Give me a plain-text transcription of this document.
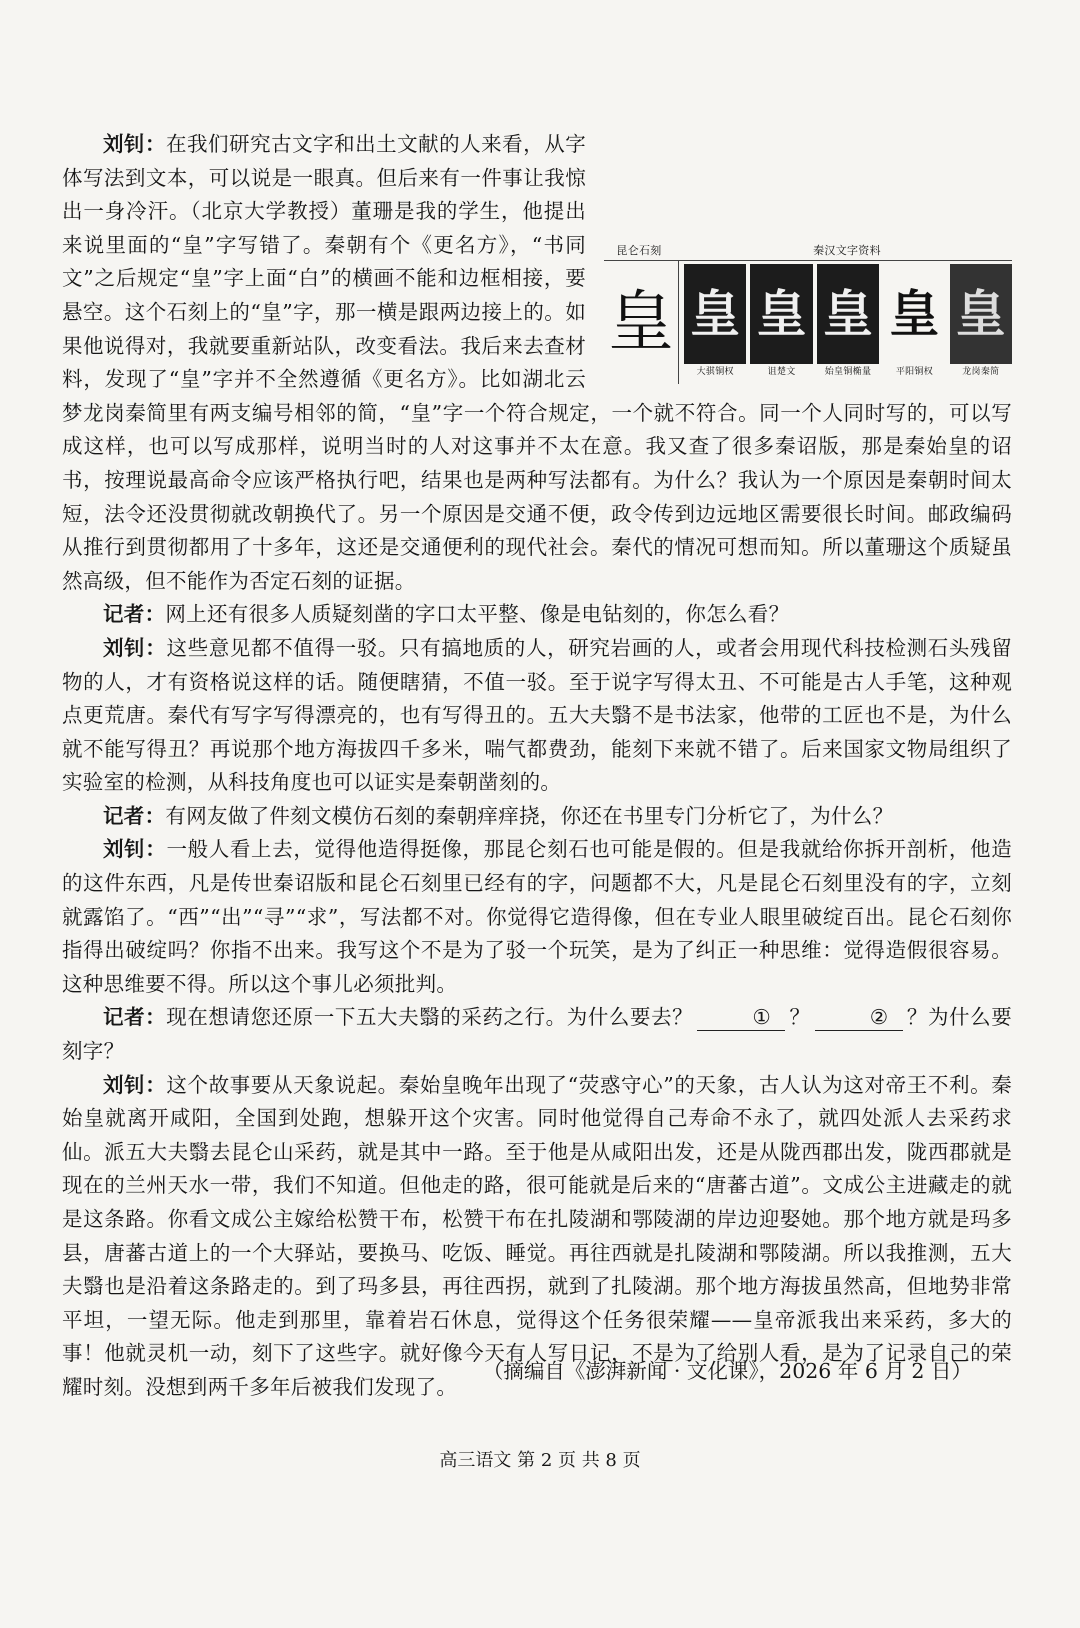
昆仑石刻	秦汉文字资料
皇 皇 皇 皇 皇 皇
大骐铜权	诅楚文	始皇铜椭量	平阳铜权	龙岗秦简

刘钊：在我们研究古文字和出土文献的人来看，从字体写法到文本，可以说是一眼真。但后来有一件事让我惊出一身冷汗。（北京大学教授）董珊是我的学生，他提出来说里面的“皇”字写错了。秦朝有个《更名方》，“书同文”之后规定“皇”字上面“白”的横画不能和边框相接，要悬空。这个石刻上的“皇”字，那一横是跟两边接上的。如果他说得对，我就要重新站队，改变看法。我后来去查材料，发现了“皇”字并不全然遵循《更名方》。比如湖北云梦龙岗秦简里有两支编号相邻的简，“皇”字一个符合规定，一个就不符合。同一个人同时写的，可以写成这样，也可以写成那样，说明当时的人对这事并不太在意。我又查了很多秦诏版，那是秦始皇的诏书，按理说最高命令应该严格执行吧，结果也是两种写法都有。为什么？我认为一个原因是秦朝时间太短，法令还没贯彻就改朝换代了。另一个原因是交通不便，政令传到边远地区需要很长时间。邮政编码从推行到贯彻都用了十多年，这还是交通便利的现代社会。秦代的情况可想而知。所以董珊这个质疑虽然高级，但不能作为否定石刻的证据。

记者：网上还有很多人质疑刻凿的字口太平整、像是电钻刻的，你怎么看？

刘钊：这些意见都不值得一驳。只有搞地质的人，研究岩画的人，或者会用现代科技检测石头残留物的人，才有资格说这样的话。随便瞎猜，不值一驳。至于说字写得太丑、不可能是古人手笔，这种观点更荒唐。秦代有写字写得漂亮的，也有写得丑的。五大夫翳不是书法家，他带的工匠也不是，为什么就不能写得丑？再说那个地方海拔四千多米，喘气都费劲，能刻下来就不错了。后来国家文物局组织了实验室的检测，从科技角度也可以证实是秦朝凿刻的。

记者：有网友做了件刻文模仿石刻的秦朝痒痒挠，你还在书里专门分析它了，为什么？

刘钊：一般人看上去，觉得他造得挺像，那昆仑刻石也可能是假的。但是我就给你拆开剖析，他造的这件东西，凡是传世秦诏版和昆仑石刻里已经有的字，问题都不大，凡是昆仑石刻里没有的字，立刻就露馅了。“西”“出”“寻”“求”，写法都不对。你觉得它造得像，但在专业人眼里破绽百出。昆仑石刻你指得出破绽吗？你指不出来。我写这个不是为了驳一个玩笑，是为了纠正一种思维：觉得造假很容易。这种思维要不得。所以这个事儿必须批判。

记者：现在想请您还原一下五大夫翳的采药之行。为什么要去？	① ？	② ？为什么要刻字？

刘钊：这个故事要从天象说起。秦始皇晚年出现了“荧惑守心”的天象，古人认为这对帝王不利。秦始皇就离开咸阳，全国到处跑，想躲开这个灾害。同时他觉得自己寿命不永了，就四处派人去采药求仙。派五大夫翳去昆仑山采药，就是其中一路。至于他是从咸阳出发，还是从陇西郡出发，陇西郡就是现在的兰州天水一带，我们不知道。但他走的路，很可能就是后来的“唐蕃古道”。文成公主进藏走的就是这条路。你看文成公主嫁给松赞干布，松赞干布在扎陵湖和鄂陵湖的岸边迎娶她。那个地方就是玛多县，唐蕃古道上的一个大驿站，要换马、吃饭、睡觉。再往西就是扎陵湖和鄂陵湖。所以我推测，五大夫翳也是沿着这条路走的。到了玛多县，再往西拐，就到了扎陵湖。那个地方海拔虽然高，但地势非常平坦，一望无际。他走到那里，靠着岩石休息，觉得这个任务很荣耀——皇帝派我出来采药，多大的事！他就灵机一动，刻下了这些字。就好像今天有人写日记，不是为了给别人看，是为了记录自己的荣耀时刻。没想到两千多年后被我们发现了。

（摘编自《澎湃新闻 · 文化课》，2026 年 6 月 2 日）
高三语文 第 2 页 共 8 页
